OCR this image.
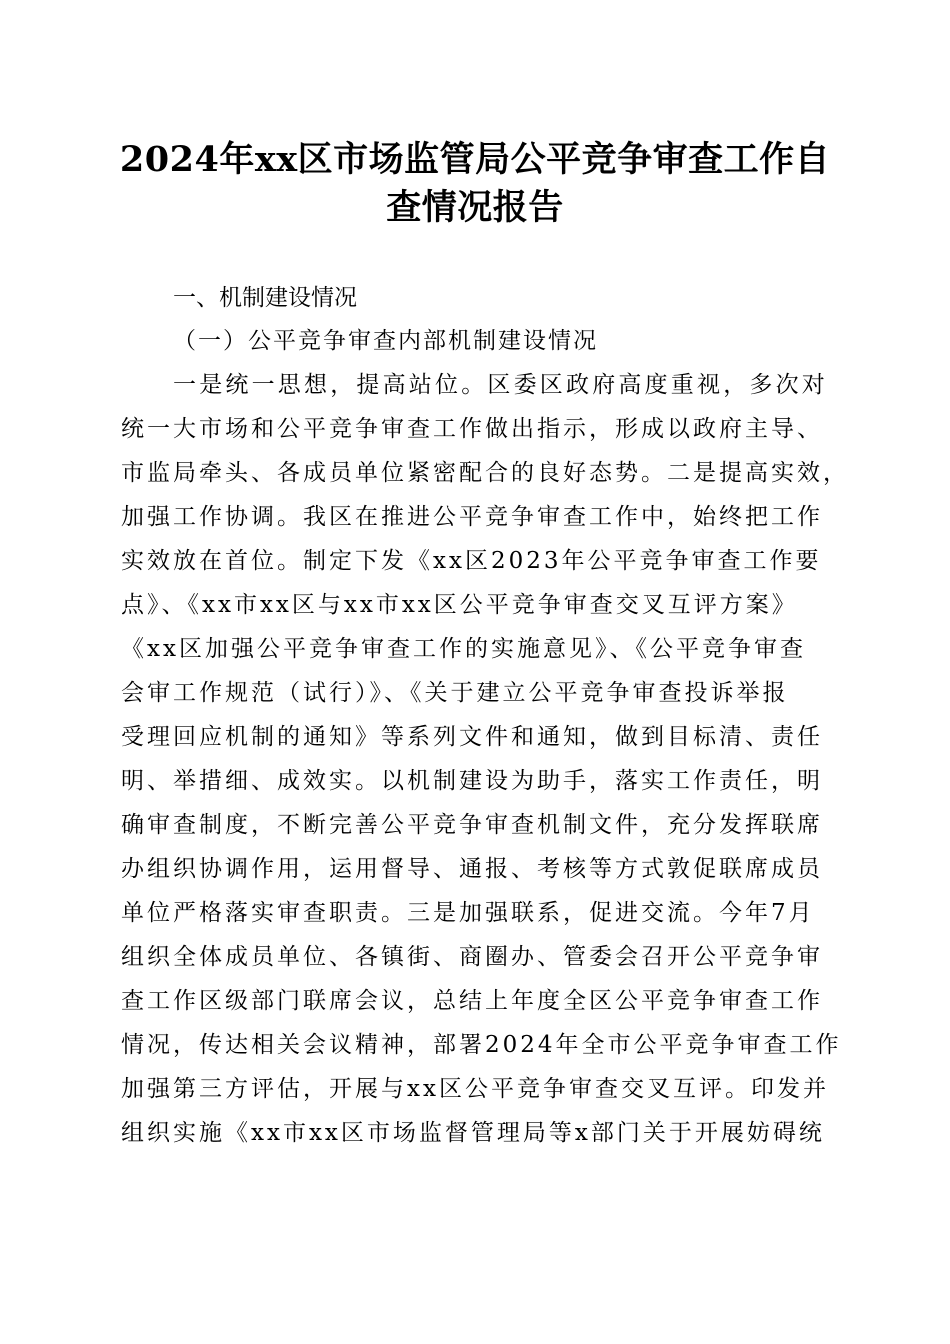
2024年xx区市场监管局公平竞争审查工作自
查情况报告
一、机制建设情况
（一）公平竞争审查内部机制建设情况
一是统一思想，提高站位。区委区政府高度重视，多次对
统一大市场和公平竞争审查工作做出指示，形成以政府主导、
市监局牵头、各成员单位紧密配合的良好态势。二是提高实效，
加强工作协调。我区在推进公平竞争审查工作中，始终把工作
实效放在首位。制定下发《xx区2023年公平竞争审查工作要
点》、《xx市xx区与xx市xx区公平竞争审查交叉互评方案》
《xx区加强公平竞争审查工作的实施意见》、《公平竞争审查
会审工作规范（试行）》、《关于建立公平竞争审查投诉举报
受理回应机制的通知》等系列文件和通知，做到目标清、责任
明、举措细、成效实。以机制建设为助手，落实工作责任，明
确审查制度，不断完善公平竞争审查机制文件，充分发挥联席
办组织协调作用，运用督导、通报、考核等方式敦促联席成员
单位严格落实审查职责。三是加强联系，促进交流。今年7月
组织全体成员单位、各镇街、商圈办、管委会召开公平竞争审
查工作区级部门联席会议，总结上年度全区公平竞争审查工作
情况，传达相关会议精神，部署2024年全市公平竞争审查工作
加强第三方评估，开展与xx区公平竞争审查交叉互评。印发并
组织实施《xx市xx区市场监督管理局等x部门关于开展妨碍统
